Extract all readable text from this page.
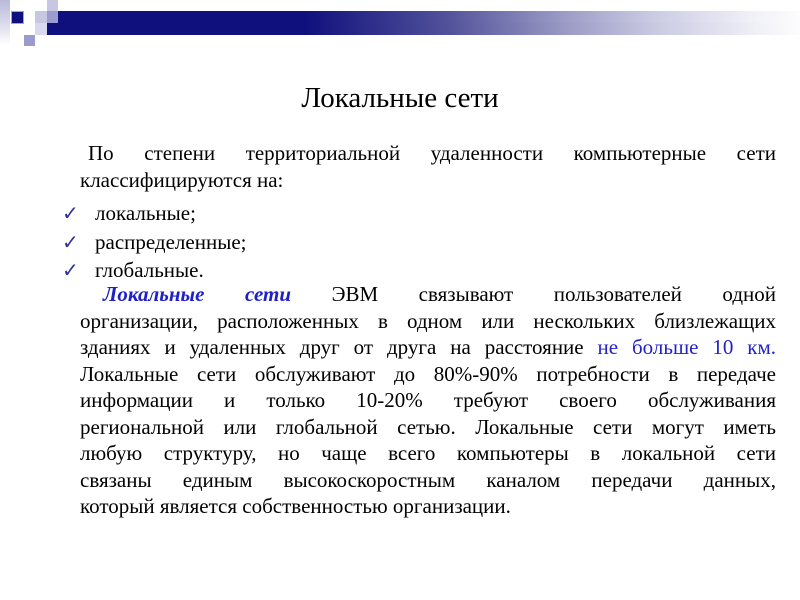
Локальные сети
По степени территориальной удаленности компьютерные сети
классифицируются на:
✓ локальные;
✓ распределенные;
✓ глобальные.
Локальные сети ЭВМ связывают пользователей одной
организации, расположенных в одном или нескольких близлежащих
зданиях и удаленных друг от друга на расстояние не больше 10 км.
Локальные сети обслуживают до 80%-90% потребности в передаче
информации и только 10-20% требуют своего обслуживания
региональной или глобальной сетью. Локальные сети могут иметь
любую структуру, но чаще всего компьютеры в локальной сети
связаны единым высокоскоростным каналом передачи данных,
который является собственностью организации.
